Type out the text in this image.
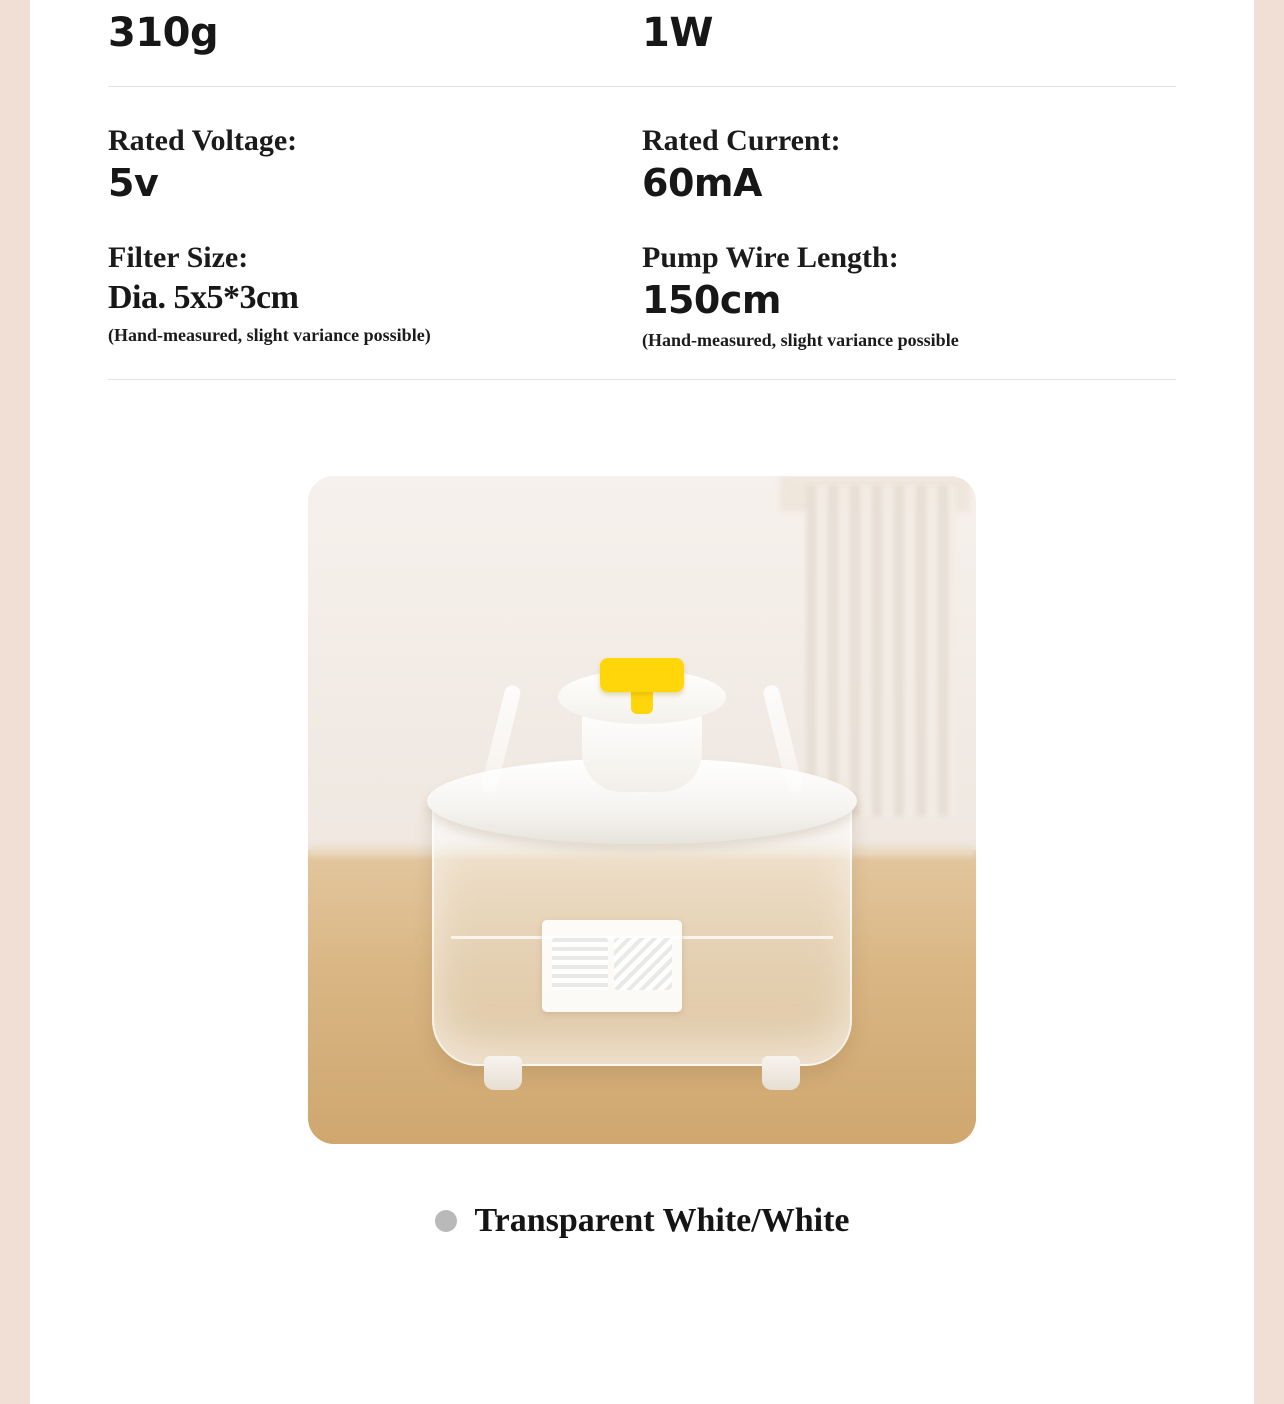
310g	1W
Rated Voltage:
5v
Rated Current:
60mA
Filter Size:
Dia. 5x5*3cm
(Hand-measured, slight variance possible)
Pump Wire Length:
150cm
(Hand-measured, slight variance possible
Transparent White/White
